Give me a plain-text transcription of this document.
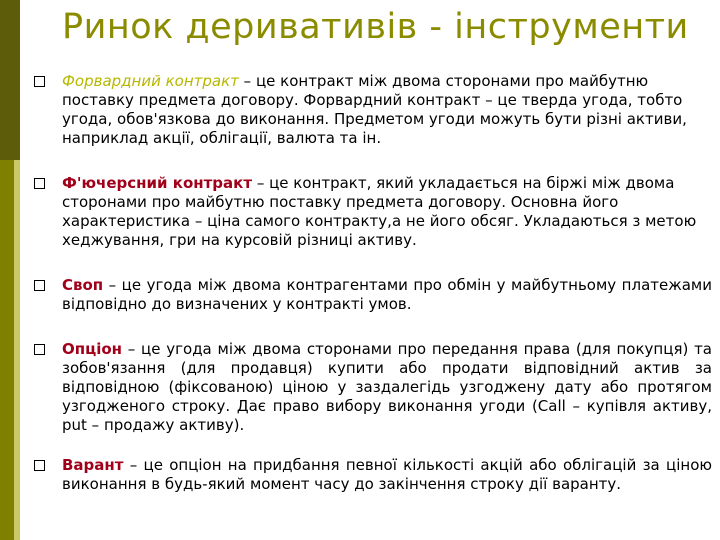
Форвардний контракт – це контракт між двома сторонами про майбутню поставку предмета договору. Форвардний контракт – це тверда угода, тобто угода, обов'язкова до виконання. Предметом угоди можуть бути різні активи, наприклад акції, облігації, валюта та ін.
Ф'ючерсний контракт – це контракт, який укладається на біржі між двома сторонами про майбутню поставку предмета договору. Основна його характеристика – ціна самого контракту,а не його обсяг. Укладаються з метою хеджування, гри на курсовій різниці активу.
Своп – це угода між двома контрагентами про обмін у майбутньому платежами відповідно до визначених у контракті умов.
Опціон – це угода між двома сторонами про передання права (для покупця) та зобов'язання (для продавця) купити або продати відповідний актив за відповідною (фіксованою) ціною у заздалегідь узгоджену дату або протягом узгодженого строку. Дає право вибору виконання угоди (Call – купівля активу, put – продажу активу).
Варант – це опціон на придбання певної кількості акцій або облігацій за ціною виконання в будь-який момент часу до закінчення строку дії варанту.
Ринок деривативів - інструменти
